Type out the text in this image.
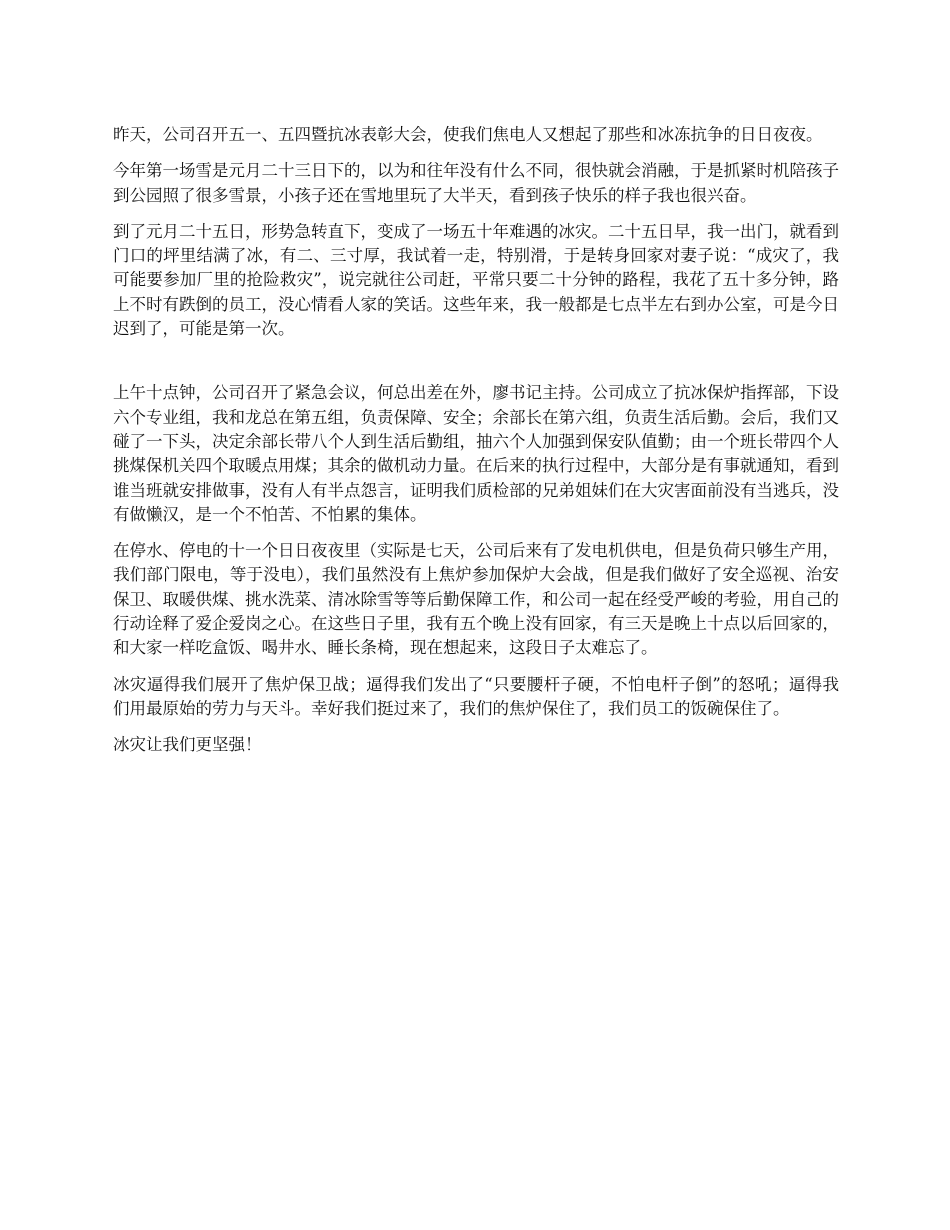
昨天，公司召开五一、五四暨抗冰表彰大会，使我们焦电人又想起了那些和冰冻抗争的日日夜夜。

今年第一场雪是元月二十三日下的，以为和往年没有什么不同，很快就会消融，于是抓紧时机陪孩子到公园照了很多雪景，小孩子还在雪地里玩了大半天，看到孩子快乐的样子我也很兴奋。

到了元月二十五日，形势急转直下，变成了一场五十年难遇的冰灾。二十五日早，我一出门，就看到门口的坪里结满了冰，有二、三寸厚，我试着一走，特别滑，于是转身回家对妻子说：“成灾了，我可能要参加厂里的抢险救灾”，说完就往公司赶，平常只要二十分钟的路程，我花了五十多分钟，路上不时有跌倒的员工，没心情看人家的笑话。这些年来，我一般都是七点半左右到办公室，可是今日迟到了，可能是第一次。

上午十点钟，公司召开了紧急会议，何总出差在外，廖书记主持。公司成立了抗冰保炉指挥部，下设六个专业组，我和龙总在第五组，负责保障、安全；余部长在第六组，负责生活后勤。会后，我们又碰了一下头，决定余部长带八个人到生活后勤组，抽六个人加强到保安队值勤；由一个班长带四个人挑煤保机关四个取暖点用煤；其余的做机动力量。在后来的执行过程中，大部分是有事就通知，看到谁当班就安排做事，没有人有半点怨言，证明我们质检部的兄弟姐妹们在大灾害面前没有当逃兵，没有做懒汉，是一个不怕苦、不怕累的集体。

在停水、停电的十一个日日夜夜里（实际是七天，公司后来有了发电机供电，但是负荷只够生产用，我们部门限电，等于没电），我们虽然没有上焦炉参加保炉大会战，但是我们做好了安全巡视、治安保卫、取暖供煤、挑水洗菜、清冰除雪等等后勤保障工作，和公司一起在经受严峻的考验，用自己的行动诠释了爱企爱岗之心。在这些日子里，我有五个晚上没有回家，有三天是晚上十点以后回家的，和大家一样吃盒饭、喝井水、睡长条椅，现在想起来，这段日子太难忘了。

冰灾逼得我们展开了焦炉保卫战；逼得我们发出了“只要腰杆子硬，不怕电杆子倒”的怒吼；逼得我们用最原始的劳力与天斗。幸好我们挺过来了，我们的焦炉保住了，我们员工的饭碗保住了。

冰灾让我们更坚强！
